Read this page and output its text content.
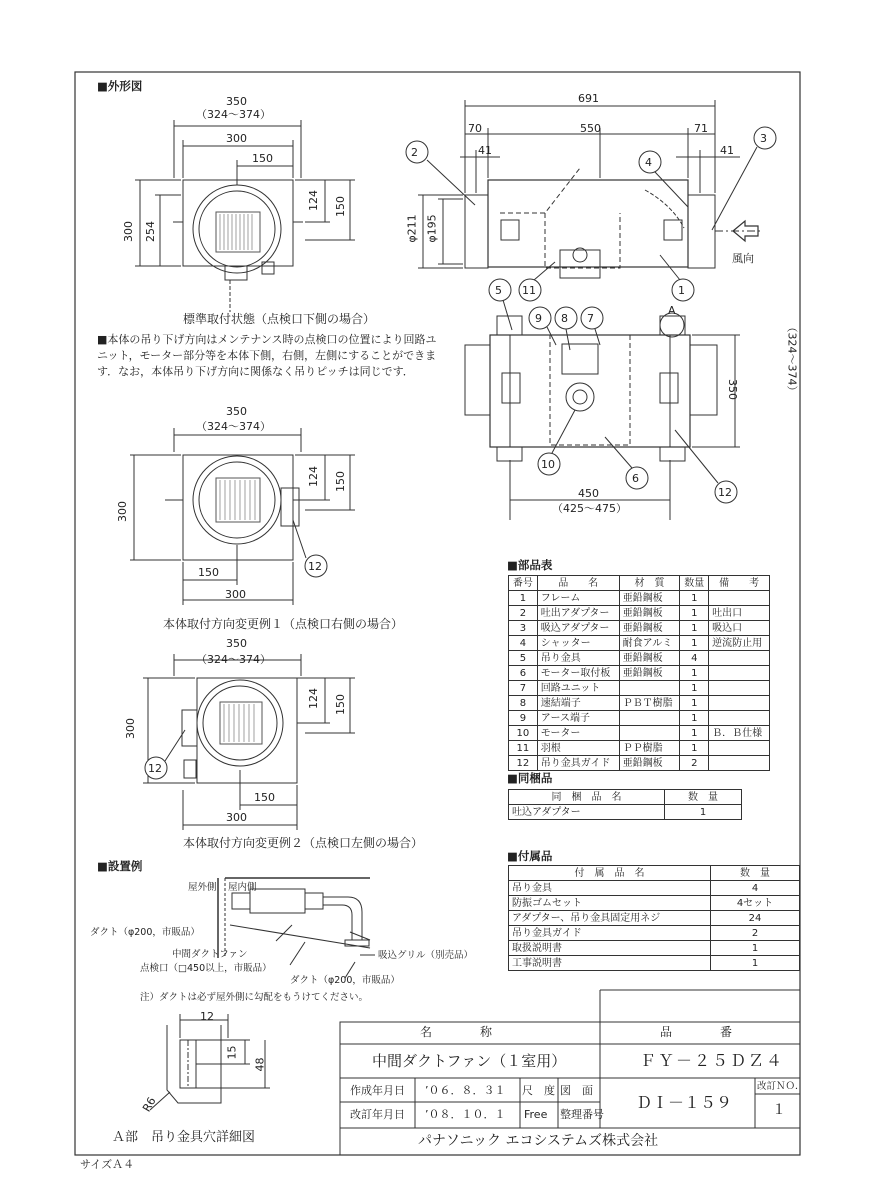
■外形図
■部品表
■同梱品
■付属品
■設置例
350
（324～374）
300
150
300 254
124 150
標準取付状態（点検口下側の場合）
■本体の吊り下げ方向はメンテナンス時の点検口の位置により回路ユニット，モーター部分等を本体下側，右側，左側にすることができます．なお，本体吊り下げ方向に関係なく吊りピッチは同じです．
691
70	550	71
41	41
φ211 φ195
風向
350	（324～374）
450
（425～475）
A
350
（324～374）
300
124 150
150
300
本体取付方向変更例１（点検口右側の場合）
350
（324～374）
300
124 150
150
300
本体取付方向変更例２（点検口左側の場合）
2
3
4
5 11	1
9 8 7
10
6
12
12
12
番号	品　　名	材　質	数量	備　　考
1	フレーム	亜鉛鋼板	1	
2	吐出アダプター	亜鉛鋼板	1	吐出口
3	吸込アダプター	亜鉛鋼板	1	吸込口
4	シャッター	耐食アルミ	1	逆流防止用
5	吊り金具	亜鉛鋼板	4	
6	モーター取付板	亜鉛鋼板	1	
7	回路ユニット		1	
8	速結端子	ＰＢＴ樹脂	1	
9	アース端子		1	
10	モーター		1	Ｂ．Ｂ仕様
11	羽根	ＰＰ樹脂	1	
12	吊り金具ガイド	亜鉛鋼板	2	
同　梱　品　名	数　量
吐込アダプター	1
付　属　品　名	数　量
吊り金具	4
防振ゴムセット	4セット
アダプター、吊り金具固定用ネジ	24
吊り金具ガイド	2
取扱説明書	1
工事説明書	1
屋外側 屋内側
ダクト（φ200，市販品）
中間ダクトファン
点検口（□450以上，市販品）
吸込グリル（別売品）
ダクト（φ200，市販品）
注）ダクトは必ず屋外側に勾配をもうけてください。
12
15
48
R6
Ａ部　吊り金具穴詳細図
サイズＡ４
名　　　　称	品　　　　番
中間ダクトファン（１室用）	ＦＹ－２５ＤＺ４
作成年月日 ’０６．８．３１ 尺　度 図　面
改訂年月日 ’０８．１０．１ Free 整理番号
ＤＩ－１５９
改訂ＮＯ．
１
パナソニック エコシステムズ株式会社
